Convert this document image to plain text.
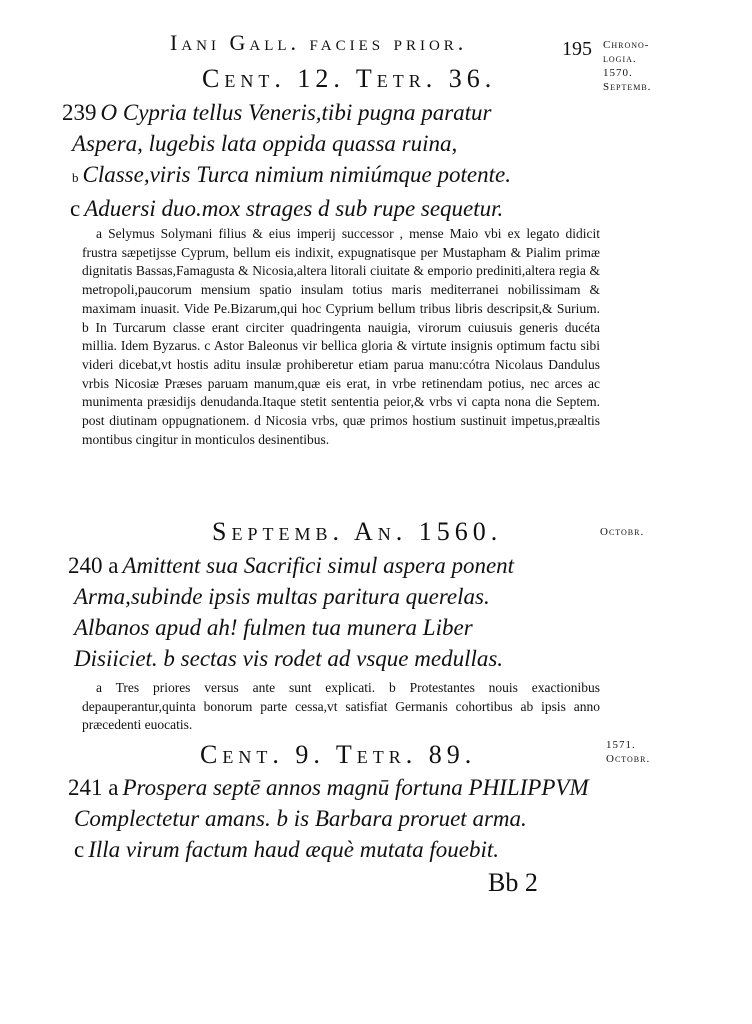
Iani Gall. facies prior.	195 Chrono-
logia.
1570.
Septemb.
Cent. 12. Tetr. 36.
239 O Cypria tellus Veneris,tibi pugna paratur
Aspera, lugebis lata oppida quassa ruina,
b Classe,viris Turca nimium nimiúmque potente.
c Aduersi duo.mox strages d sub rupe sequetur.

a Selymus Solymani filius & eius imperij successor , mense Maio vbi ex legato didicit frustra sæpetijsse Cyprum, bellum eis indixit, expugnatisque per Mustapham & Pialim primæ dignitatis Bassas,Famagusta & Nicosia,altera litorali ciuitate & emporio prediniti,altera regia & metropoli,paucorum mensium spatio insulam totius maris mediterranei nobilissimam & maximam inuasit. Vide Pe.Bizarum,qui hoc Cyprium bellum tribus libris descripsit,& Surium. b In Turcarum classe erant circiter quadringenta nauigia, virorum cuiusuis generis ducéta millia. Idem Byzarus. c Astor Baleonus vir bellica gloria & virtute insignis optimum factu sibi videri dicebat,vt hostis aditu insulæ prohiberetur etiam parua manu:cótra Nicolaus Dandulus vrbis Nicosiæ Præses paruam manum,quæ eis erat, in vrbe retinendam potius, nec arces ac munimenta præsidijs denudanda.Itaque stetit sententia peior,& vrbs vi capta nona die Septem. post diutinam oppugnationem. d Nicosia vrbs, quæ primos hostium sustinuit impetus,præaltis montibus cingitur in monticulos desinentibus.

Septemb. An. 1560.	Octobr.
240 a Amittent sua Sacrifici simul aspera ponent
Arma,subinde ipsis multas paritura querelas.
Albanos apud ah! fulmen tua munera Liber
Disiiciet. b sectas vis rodet ad vsque medullas.

a Tres priores versus ante sunt explicati. b Protestantes nouis exactionibus depauperantur,quinta bonorum parte cessa,vt satisfiat Germanis cohortibus ab ipsis anno præcedenti euocatis.

Cent. 9. Tetr. 89.	1571.
Octobr.
241 a Prospera septē annos magnū fortuna PHILIPPVM
Complectetur amans. b is Barbara proruet arma.
c Illa virum factum haud æquè mutata fouebit.
Bb 2
